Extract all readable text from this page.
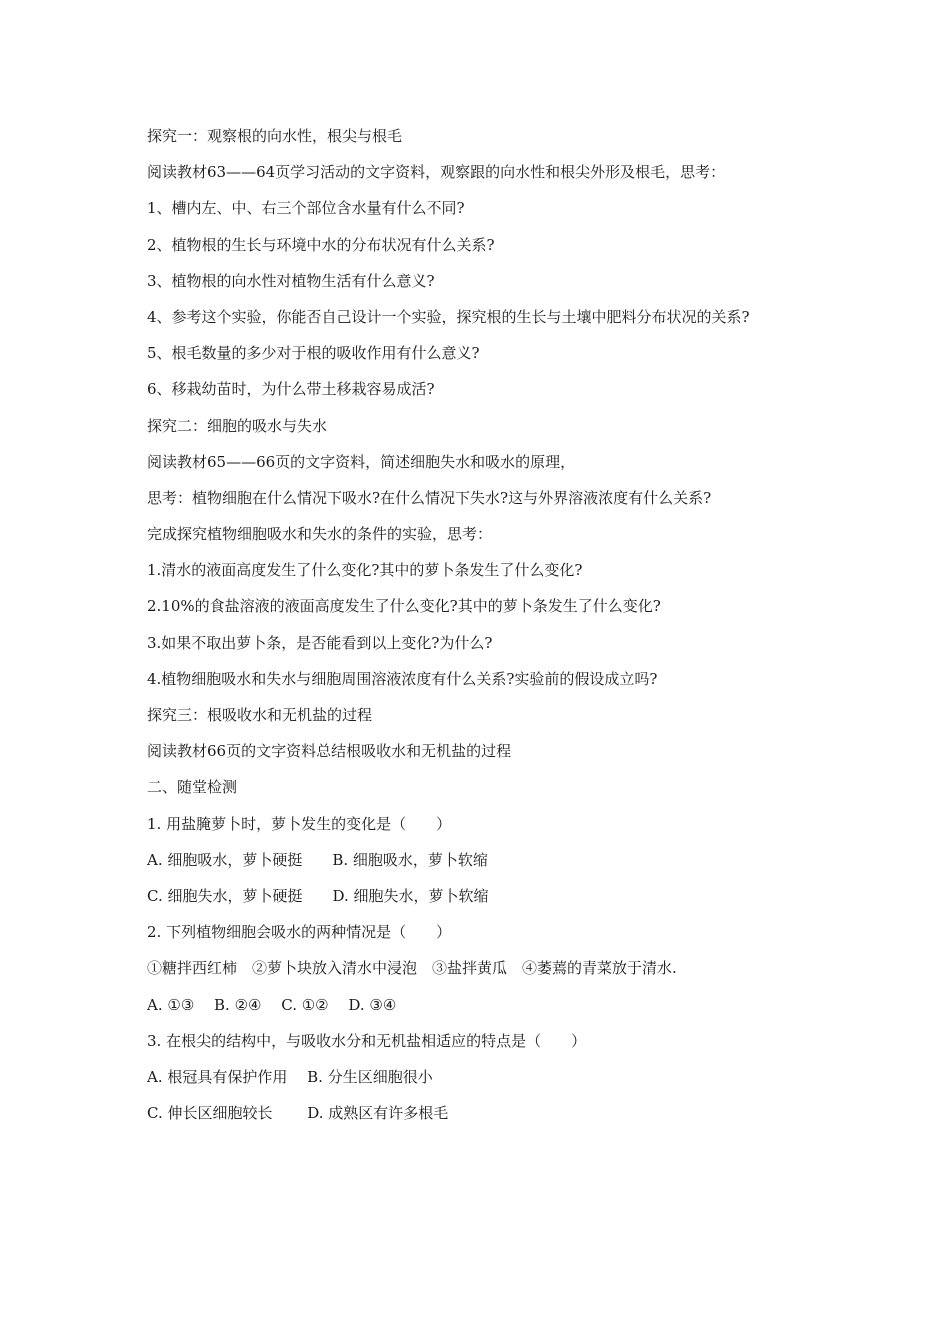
探究一：观察根的向水性，根尖与根毛
阅读教材63——64页学习活动的文字资料，观察跟的向水性和根尖外形及根毛，思考：
1、槽内左、中、右三个部位含水量有什么不同?
2、植物根的生长与环境中水的分布状况有什么关系?
3、植物根的向水性对植物生活有什么意义?
4、参考这个实验，你能否自己设计一个实验，探究根的生长与土壤中肥料分布状况的关系?
5、根毛数量的多少对于根的吸收作用有什么意义?
6、移栽幼苗时，为什么带土移栽容易成活?
探究二：细胞的吸水与失水
阅读教材65——66页的文字资料，简述细胞失水和吸水的原理，
思考：植物细胞在什么情况下吸水?在什么情况下失水?这与外界溶液浓度有什么关系?
完成探究植物细胞吸水和失水的条件的实验，思考：
1.清水的液面高度发生了什么变化?其中的萝卜条发生了什么变化?
2.10%的食盐溶液的液面高度发生了什么变化?其中的萝卜条发生了什么变化?
3.如果不取出萝卜条，是否能看到以上变化?为什么?
4.植物细胞吸水和失水与细胞周围溶液浓度有什么关系?实验前的假设成立吗?
探究三：根吸收水和无机盐的过程
阅读教材66页的文字资料总结根吸收水和无机盐的过程
二、随堂检测
1. 用盐腌萝卜时，萝卜发生的变化是（　　）
A. 细胞吸水，萝卜硬挺　　B. 细胞吸水，萝卜软缩
C. 细胞失水，萝卜硬挺　　D. 细胞失水，萝卜软缩
2. 下列植物细胞会吸水的两种情况是（　　）
①糖拌西红柿　②萝卜块放入清水中浸泡　③盐拌黄瓜　④萎蔫的青菜放于清水.
A. ①③　 B. ②④　 C. ①②　 D. ③④
3. 在根尖的结构中，与吸收水分和无机盐相适应的特点是（　　）
A. 根冠具有保护作用　 B. 分生区细胞很小
C. 伸长区细胞较长　　 D. 成熟区有许多根毛
